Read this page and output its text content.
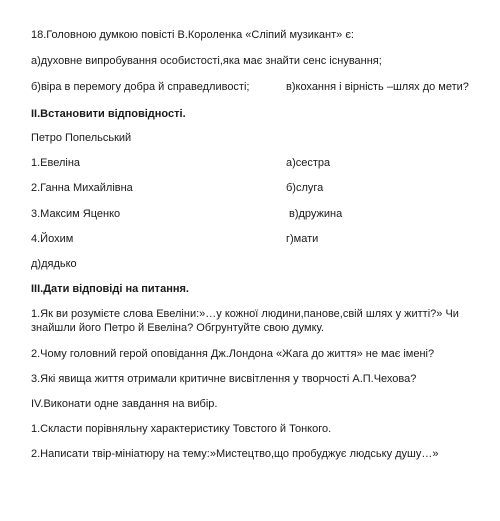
18.Головною думкою повісті В.Короленка «Сліпий музикант» є:
а)духовне випробування особистості,яка має знайти сенс існування;
б)віра в перемогу добра й справедливості;	в)кохання і вірність –шлях до мети?
ІІ.Встановити відповідності.
Петро Попельський
1.Евеліна	а)сестра
2.Ганна Михайлівна	б)слуга
3.Максим Яценко	в)дружина
4.Йохим	г)мати
д)дядько
ІІІ.Дати відповіді на питання.
1.Як ви розумієте слова Евеліни:»…у кожної людини,панове,свій шлях у житті?» Чи
знайшли його Петро й Евеліна? Обгрунтуйте свою думку.
2.Чому головний герой оповідання Дж.Лондона «Жага до життя» не має імені?
3.Які явища життя отримали критичне висвітлення у творчості А.П.Чехова?
ІV.Виконати одне завдання на вибір.
1.Скласти порівняльну характеристику Товстого й Тонкого.
2.Написати твір-мініатюру на тему:»Мистецтво,що пробуджує людську душу…»
